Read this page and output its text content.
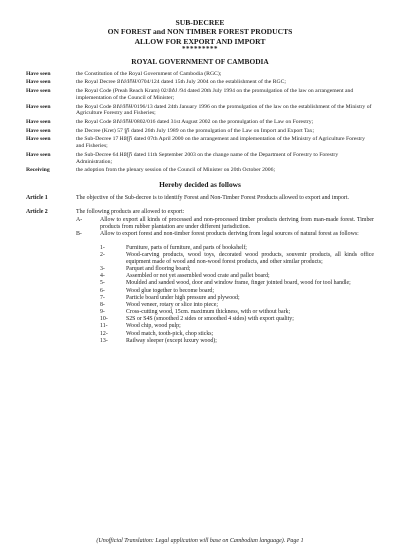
SUB-DECREE
ON FOREST and NON TIMBER FOREST PRODUCTS
ALLOW FOR EXPORT AND IMPORT
*********
ROYAL GOVERNMENT OF CAMBODIA
Have seen	the Constitution of the Royal Government of Cambodia (RGC);
Have seen	the Royal Decree ​នស/រកម/0704/124 dated 15th July 2004 on the establishment of the RGC;
Have seen	the Royal Code (Preah Reach Kram) 02/​នស /94 dated 20th July 1994 on the promulgation of the law on arrangement and implementation of the Council of Minister;
Have seen	the Royal Code ​នស/រកម/0196/13 dated 24th January 1996 on the promulgation of the law on the establishment of the Ministry of Agriculture Forestry and Fisheries;
Have seen	the Royal Code ​នស/រកម/0802/016 dated 31st August 2002 on the promulgation of the Law on Forestry;
Have seen	the Decree (Kret) 57 ​ក្រ dated 26th July 1989 on the promulgation of the Law on Import and Export Tax;
Have seen	the Sub-Decree 17 ​អនក្រ dated 07th April 2000 on the arrangement and implementation of the Ministry of Agriculture Forestry and Fisheries;
Have seen	the Sub-Decree 64 ​អនក្រ dated 11th September 2003 on the change name of the Department of Forestry to Forestry Administration;
Receiving	the adoption from the plenary session of the Council of Minister on 20th October 2006;
Hereby decided as follows
Article 1	The objective of the Sub-decree is to identify Forest and Non-Timber Forest Products allowed to export and import.
Article 2	The following products are allowed to export:
A-	Allow to export all kinds of processed and non-processed timber products deriving from man-made forest. Timber products from rubber plantation are under different jurisdiction.
B-	Allow to export forest and non-timber forest products deriving from legal sources of natural forest as follows:
1-	Furniture, parts of furniture, and parts of bookshelf;
2-	Wood-carving products, wood toys, decorated wood products, souvenir products, all kinds office equipment made of wood and non-wood forest products, and other similar products;
3-	Parquet and flooring board;
4-	Assembled or not yet assembled wood crate and pallet board;
5-	Moulded and sanded wood, door and window frame, finger jointed board, wood for tool handle;
6-	Wood glue together to become board;
7-	Particle board under high pressure and plywood;
8-	Wood veneer, rotary or slice into piece;
9-	Cross-cutting wood, 15cm. maximum thickness, with or without bark;
10-	S2S or S4S (smoothed 2 sides or smoothed 4 sides) with export quality;
11-	Wood chip, wood pulp;
12-	Wood match, tooth-pick, chop sticks;
13-	Railway sleeper (except luxury wood);
(Unofficial Translation: Legal application will base on Cambodian language). Page 1
